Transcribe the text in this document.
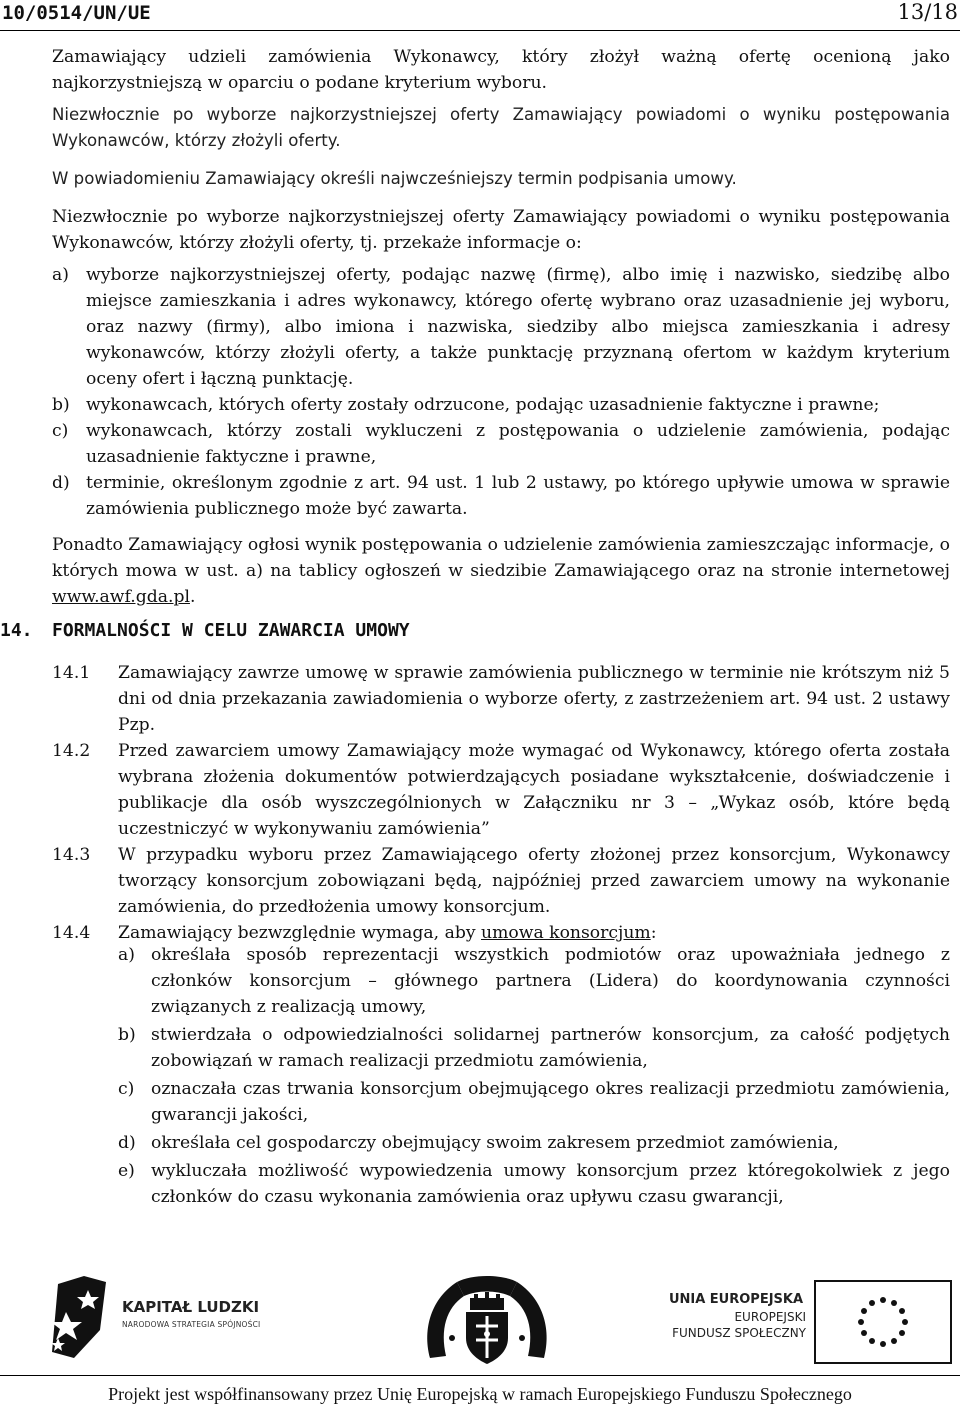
10/0514/UN/UE	13/18
Zamawiający udzieli zamówienia Wykonawcy, który złożył ważną ofertę ocenioną jako najkorzystniejszą w oparciu o podane kryterium wyboru.
Niezwłocznie po wyborze najkorzystniejszej oferty Zamawiający powiadomi o wyniku postępowania Wykonawców, którzy złożyli oferty.
W powiadomieniu Zamawiający określi najwcześniejszy termin podpisania umowy.
Niezwłocznie po wyborze najkorzystniejszej oferty Zamawiający powiadomi o wyniku postępowania Wykonawców, którzy złożyli oferty, tj. przekaże informacje o:
a) wyborze najkorzystniejszej oferty, podając nazwę (firmę), albo imię i nazwisko, siedzibę albo miejsce zamieszkania i adres wykonawcy, którego ofertę wybrano oraz uzasadnienie jej wyboru, oraz nazwy (firmy), albo imiona i nazwiska, siedziby albo miejsca zamieszkania i adresy wykonawców, którzy złożyli oferty, a także punktację przyznaną ofertom w każdym kryterium oceny ofert i łączną punktację.
b) wykonawcach, których oferty zostały odrzucone, podając uzasadnienie faktyczne i prawne;
c) wykonawcach, którzy zostali wykluczeni z postępowania o udzielenie zamówienia, podając uzasadnienie faktyczne i prawne,
d) terminie, określonym zgodnie z art. 94 ust. 1 lub 2 ustawy, po którego upływie umowa w sprawie zamówienia publicznego może być zawarta.
Ponadto Zamawiający ogłosi wynik postępowania o udzielenie zamówienia zamieszczając informacje, o których mowa w ust. a) na tablicy ogłoszeń w siedzibie Zamawiającego oraz na stronie internetowej www.awf.gda.pl.
14. FORMALNOŚCI W CELU ZAWARCIA UMOWY
14.1 Zamawiający zawrze umowę w sprawie zamówienia publicznego w terminie nie krótszym niż 5 dni od dnia przekazania zawiadomienia o wyborze oferty, z zastrzeżeniem art. 94 ust. 2 ustawy Pzp.
14.2 Przed zawarciem umowy Zamawiający może wymagać od Wykonawcy, którego oferta została wybrana złożenia dokumentów potwierdzających posiadane wykształcenie, doświadczenie i publikacje dla osób wyszczególnionych w Załączniku nr 3 – „Wykaz osób, które będą uczestniczyć w wykonywaniu zamówienia”
14.3 W przypadku wyboru przez Zamawiającego oferty złożonej przez konsorcjum, Wykonawcy tworzący konsorcjum zobowiązani będą, najpóźniej przed zawarciem umowy na wykonanie zamówienia, do przedłożenia umowy konsorcjum.
14.4 Zamawiający bezwzględnie wymaga, aby umowa konsorcjum:
a) określała sposób reprezentacji wszystkich podmiotów oraz upoważniała jednego z członków konsorcjum – głównego partnera (Lidera) do koordynowania czynności związanych z realizacją umowy,
b) stwierdzała o odpowiedzialności solidarnej partnerów konsorcjum, za całość podjętych zobowiązań w ramach realizacji przedmiotu zamówienia,
c) oznaczała czas trwania konsorcjum obejmującego okres realizacji przedmiotu zamówienia, gwarancji jakości,
d) określała cel gospodarczy obejmujący swoim zakresem przedmiot zamówienia,
e) wykluczała możliwość wypowiedzenia umowy konsorcjum przez któregokolwiek z jego członków do czasu wykonania zamówienia oraz upływu czasu gwarancji,
KAPITAŁ LUDZKI
NARODOWA STRATEGIA SPÓJNOŚCI
UNIA EUROPEJSKA
EUROPEJSKI
FUNDUSZ SPOŁECZNY
Projekt jest współfinansowany przez Unię Europejską w ramach Europejskiego Funduszu Społecznego
